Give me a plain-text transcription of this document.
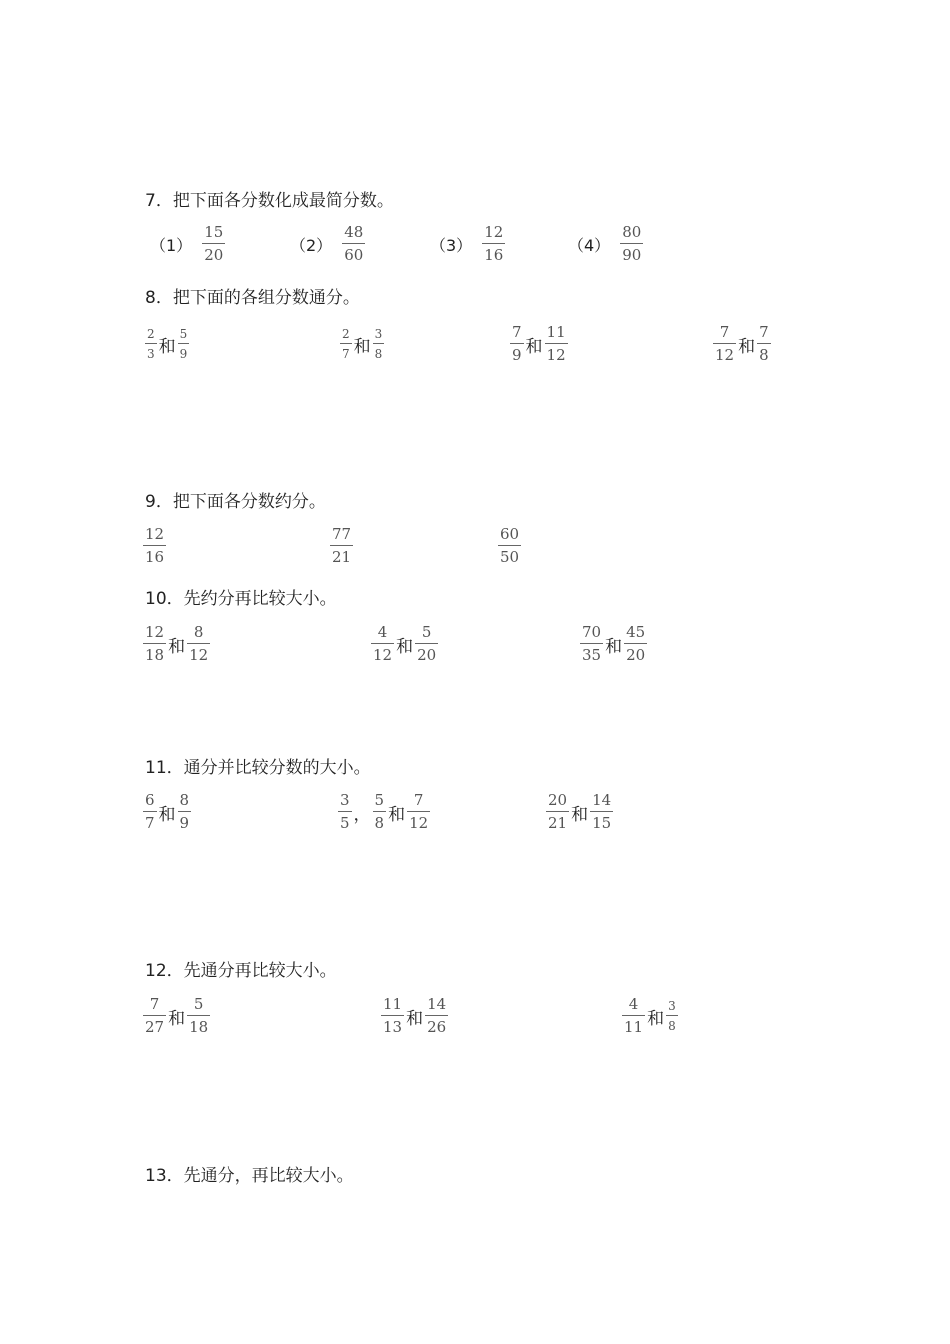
7．把下面各分数化成最简分数。
$(1) \frac{15}{20}$	$(2) \frac{48}{60}$	$(3) \frac{12}{16}$	$(4) \frac{80}{90}$
8．把下面的各组分数通分。
$\frac{2}{3}$ 和 $\frac{5}{9}$	$\frac{2}{7}$ 和 $\frac{3}{8}$	$\frac{7}{9}$ 和 $\frac{11}{12}$	$\frac{7}{12}$ 和 $\frac{7}{8}$
9．把下面各分数约分。
$\frac{12}{16}$	$\frac{77}{21}$	$\frac{60}{50}$
10．先约分再比较大小。
$\frac{12}{18}$ 和 $\frac{8}{12}$	$\frac{4}{12}$ 和 $\frac{5}{20}$	$\frac{70}{35}$ 和 $\frac{45}{20}$
11．通分并比较分数的大小。
$\frac{6}{7}$ 和 $\frac{8}{9}$	$\frac{3}{5}$ ， $\frac{5}{8}$ 和 $\frac{7}{12}$	$\frac{20}{21}$ 和 $\frac{14}{15}$
12．先通分再比较大小。
$\frac{7}{27}$ 和 $\frac{5}{18}$	$\frac{11}{13}$ 和 $\frac{14}{26}$	$\frac{4}{11}$ 和 $\frac{3}{8}$
13．先通分，再比较大小。
